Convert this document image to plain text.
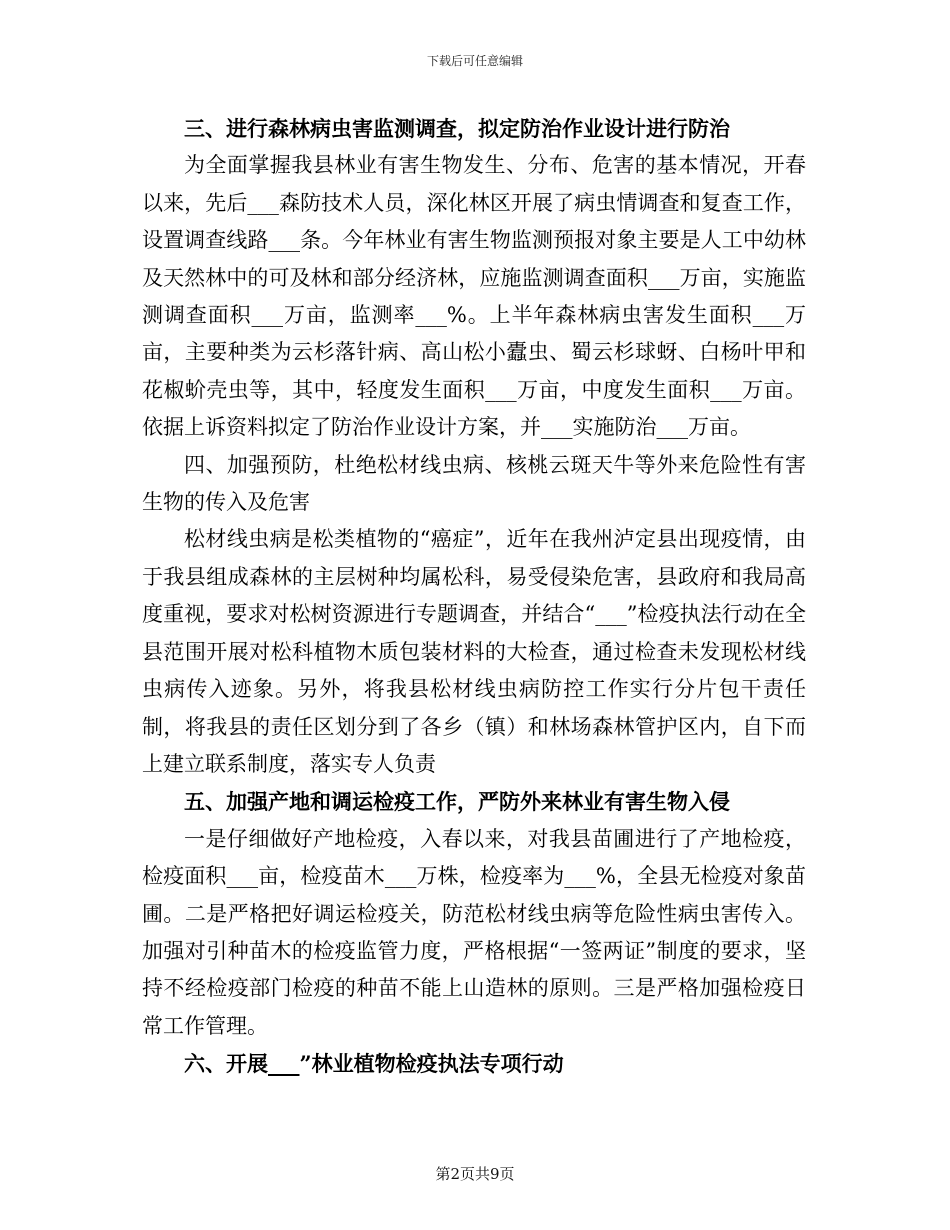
下载后可任意编辑

三、进行森林病虫害监测调查，拟定防治作业设计进行防治

为全面掌握我县林业有害生物发生、分布、危害的基本情况，开春以来，先后___森防技术人员，深化林区开展了病虫情调查和复查工作，设置调查线路___条。今年林业有害生物监测预报对象主要是人工中幼林及天然林中的可及林和部分经济林，应施监测调查面积___万亩，实施监测调查面积___万亩，监测率___%。上半年森林病虫害发生面积___万亩，主要种类为云杉落针病、高山松小蠹虫、蜀云杉球蚜、白杨叶甲和花椒蚧壳虫等，其中，轻度发生面积___万亩，中度发生面积___万亩。依据上诉资料拟定了防治作业设计方案，并___实施防治___万亩。

四、加强预防，杜绝松材线虫病、核桃云斑天牛等外来危险性有害生物的传入及危害

松材线虫病是松类植物的“癌症”，近年在我州泸定县出现疫情，由于我县组成森林的主层树种均属松科，易受侵染危害，县政府和我局高度重视，要求对松树资源进行专题调查，并结合“___”检疫执法行动在全县范围开展对松科植物木质包装材料的大检查，通过检查未发现松材线虫病传入迹象。另外，将我县松材线虫病防控工作实行分片包干责任制，将我县的责任区划分到了各乡（镇）和林场森林管护区内，自下而上建立联系制度，落实专人负责

五、加强产地和调运检疫工作，严防外来林业有害生物入侵

一是仔细做好产地检疫，入春以来，对我县苗圃进行了产地检疫，检疫面积___亩，检疫苗木___万株，检疫率为___%，全县无检疫对象苗圃。二是严格把好调运检疫关，防范松材线虫病等危险性病虫害传入。加强对引种苗木的检疫监管力度，严格根据“一签两证”制度的要求，坚持不经检疫部门检疫的种苗不能上山造林的原则。三是严格加强检疫日常工作管理。

六、开展___”林业植物检疫执法专项行动

第2页共9页
